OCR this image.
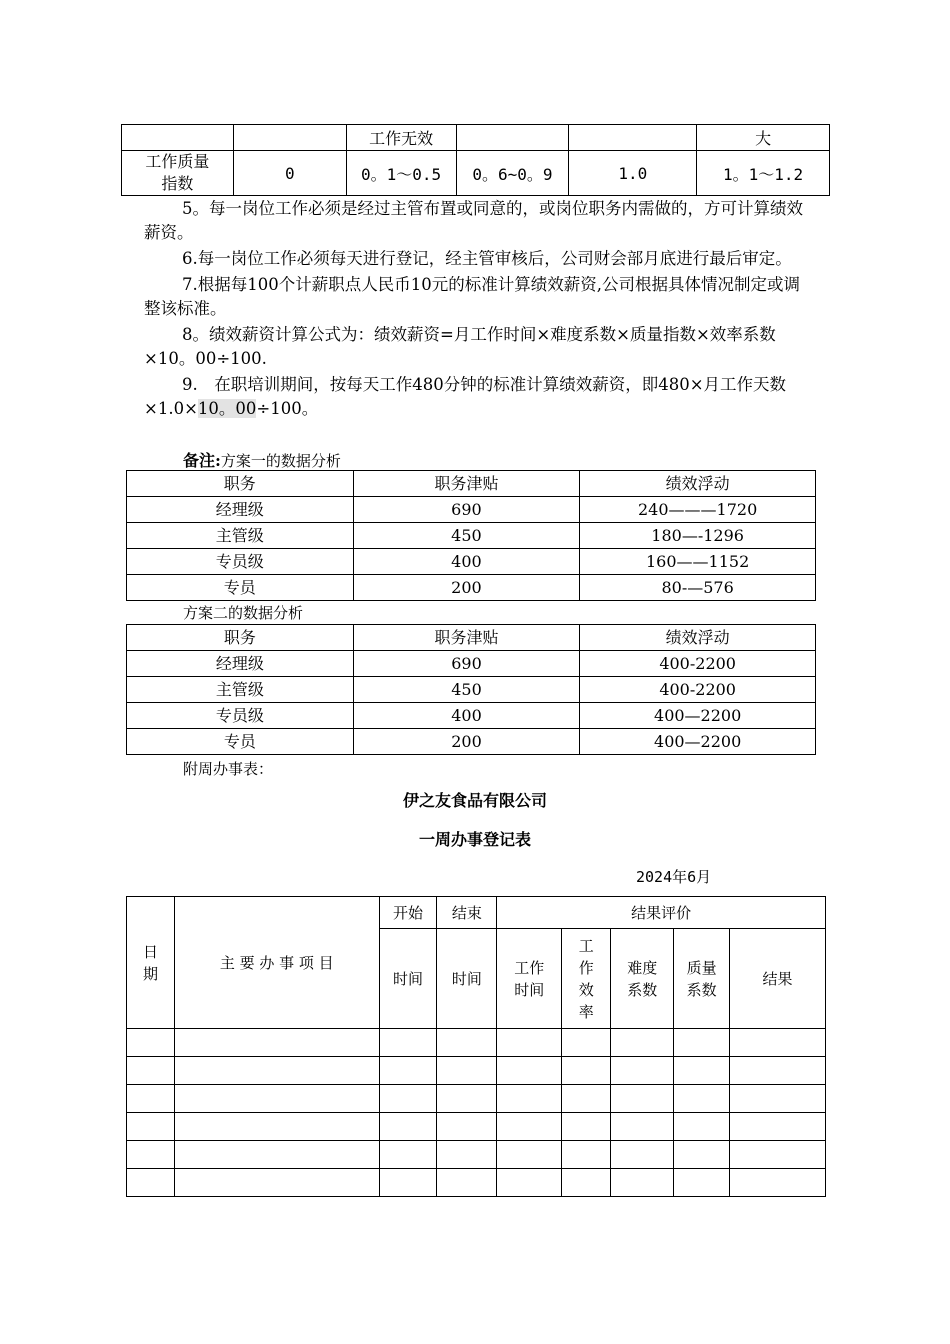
		工作无效			大
工作质量指数	0	0。1～0.5	0。6~0。9	1.0	1。1～1.2

5。每一岗位工作必须是经过主管布置或同意的，或岗位职务内需做的，方可计算绩效薪资。

6.每一岗位工作必须每天进行登记，经主管审核后，公司财会部月底进行最后审定。

7.根据每100个计薪职点人民币10元的标准计算绩效薪资,公司根据具体情况制定或调整该标准。

8。绩效薪资计算公式为：绩效薪资=月工作时间×难度系数×质量指数×效率系数×10。00÷100.

9.　在职培训期间，按每天工作480分钟的标准计算绩效薪资，即480×月工作天数×1.0×10。00÷100。

备注:方案一的数据分析
职务	职务津贴	绩效浮动
经理级	690	240———1720
主管级	450	180—-1296
专员级	400	160——1152
专员	200	80-—576
方案二的数据分析
职务	职务津贴	绩效浮动
经理级	690	400-2200
主管级	450	400-2200
专员级	400	400—2200
专员	200	400—2200
附周办事表：
伊之友食品有限公司
一周办事登记表
2024年6月
日期	主 要 办 事 项 目	开始	结束	结果评价				
		时间	时间	工作时间	工作效率	难度系数	质量系数	结果
